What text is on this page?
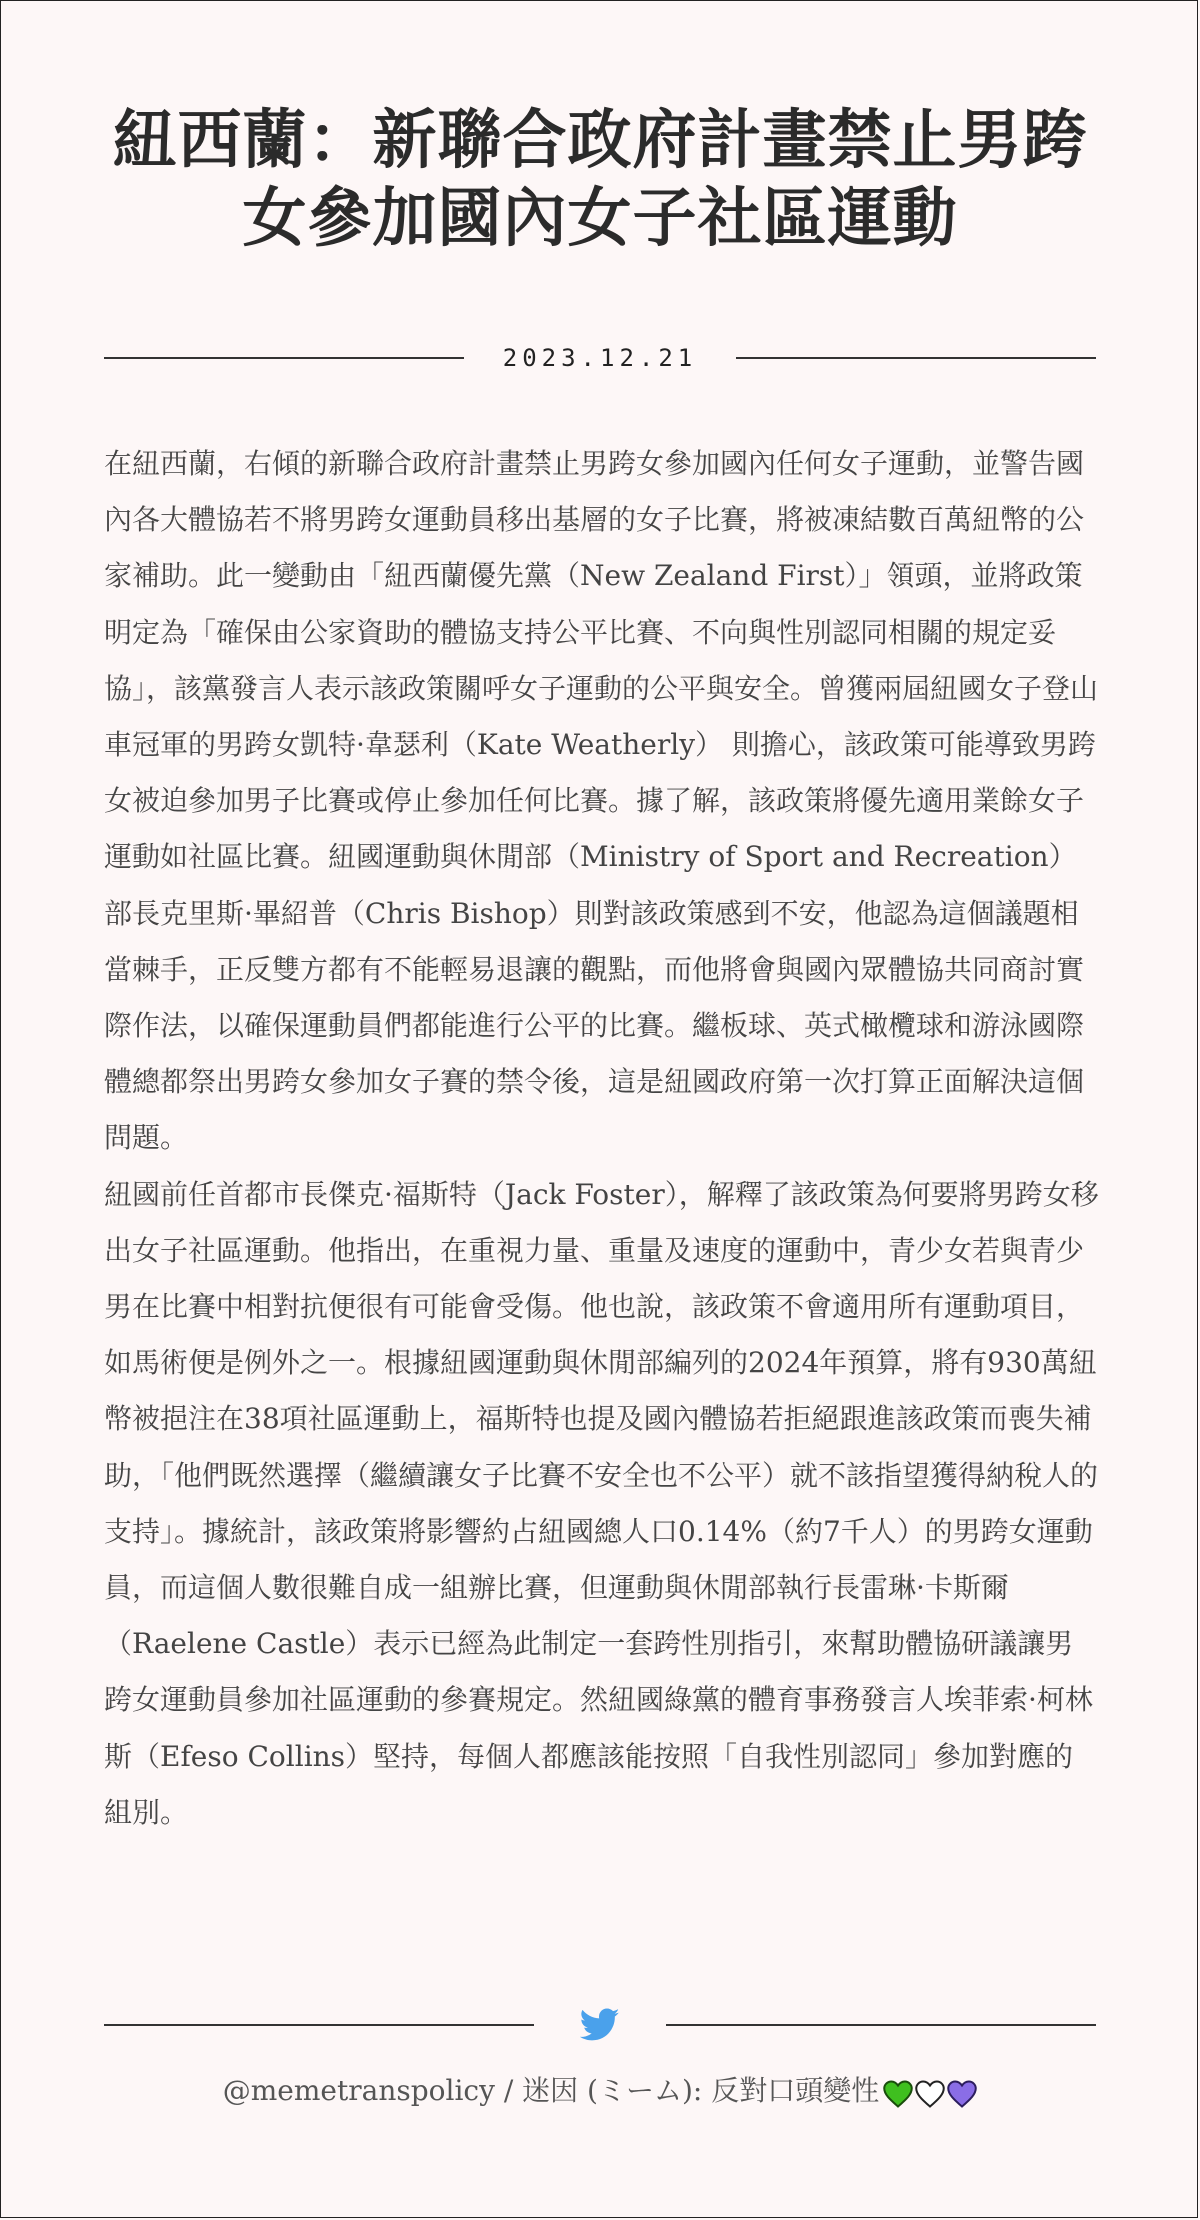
紐西蘭：新聯合政府計畫禁止男跨女參加國內女子社區運動
2023.12.21

在紐西蘭，右傾的新聯合政府計畫禁止男跨女參加國內任何女子運動，並警告國內各大體協若不將男跨女運動員移出基層的女子比賽，將被凍結數百萬紐幣的公家補助。此一變動由「紐西蘭優先黨（New Zealand First）」領頭，並將政策明定為「確保由公家資助的體協支持公平比賽、不向與性別認同相關的規定妥協」，該黨發言人表示該政策關呼女子運動的公平與安全。曾獲兩屆紐國女子登山車冠軍的男跨女凱特·韋瑟利（Kate Weatherly） 則擔心，該政策可能導致男跨女被迫參加男子比賽或停止參加任何比賽。據了解，該政策將優先適用業餘女子運動如社區比賽。紐國運動與休閒部（Ministry of Sport and Recreation）部長克里斯·畢紹普（Chris Bishop）則對該政策感到不安，他認為這個議題相當棘手，正反雙方都有不能輕易退讓的觀點，而他將會與國內眾體協共同商討實際作法，以確保運動員們都能進行公平的比賽。繼板球、英式橄欖球和游泳國際體總都祭出男跨女參加女子賽的禁令後，這是紐國政府第一次打算正面解決這個問題。

紐國前任首都市長傑克·福斯特（Jack Foster），解釋了該政策為何要將男跨女移出女子社區運動。他指出，在重視力量、重量及速度的運動中，青少女若與青少男在比賽中相對抗便很有可能會受傷。他也說，該政策不會適用所有運動項目，如馬術便是例外之一。根據紐國運動與休閒部編列的2024年預算，將有930萬紐幣被挹注在38項社區運動上，福斯特也提及國內體協若拒絕跟進該政策而喪失補助，「他們既然選擇（繼續讓女子比賽不安全也不公平）就不該指望獲得納稅人的支持」。據統計，該政策將影響約占紐國總人口0.14%（約7千人）的男跨女運動員，而這個人數很難自成一組辦比賽，但運動與休閒部執行長雷琳·卡斯爾（Raelene Castle）表示已經為此制定一套跨性別指引，來幫助體協研議讓男跨女運動員參加社區運動的參賽規定。然紐國綠黨的體育事務發言人埃菲索·柯林斯（Efeso Collins）堅持，每個人都應該能按照「自我性別認同」參加對應的組別。

@memetranspolicy / 迷因 (ミーム): 反對口頭變性
